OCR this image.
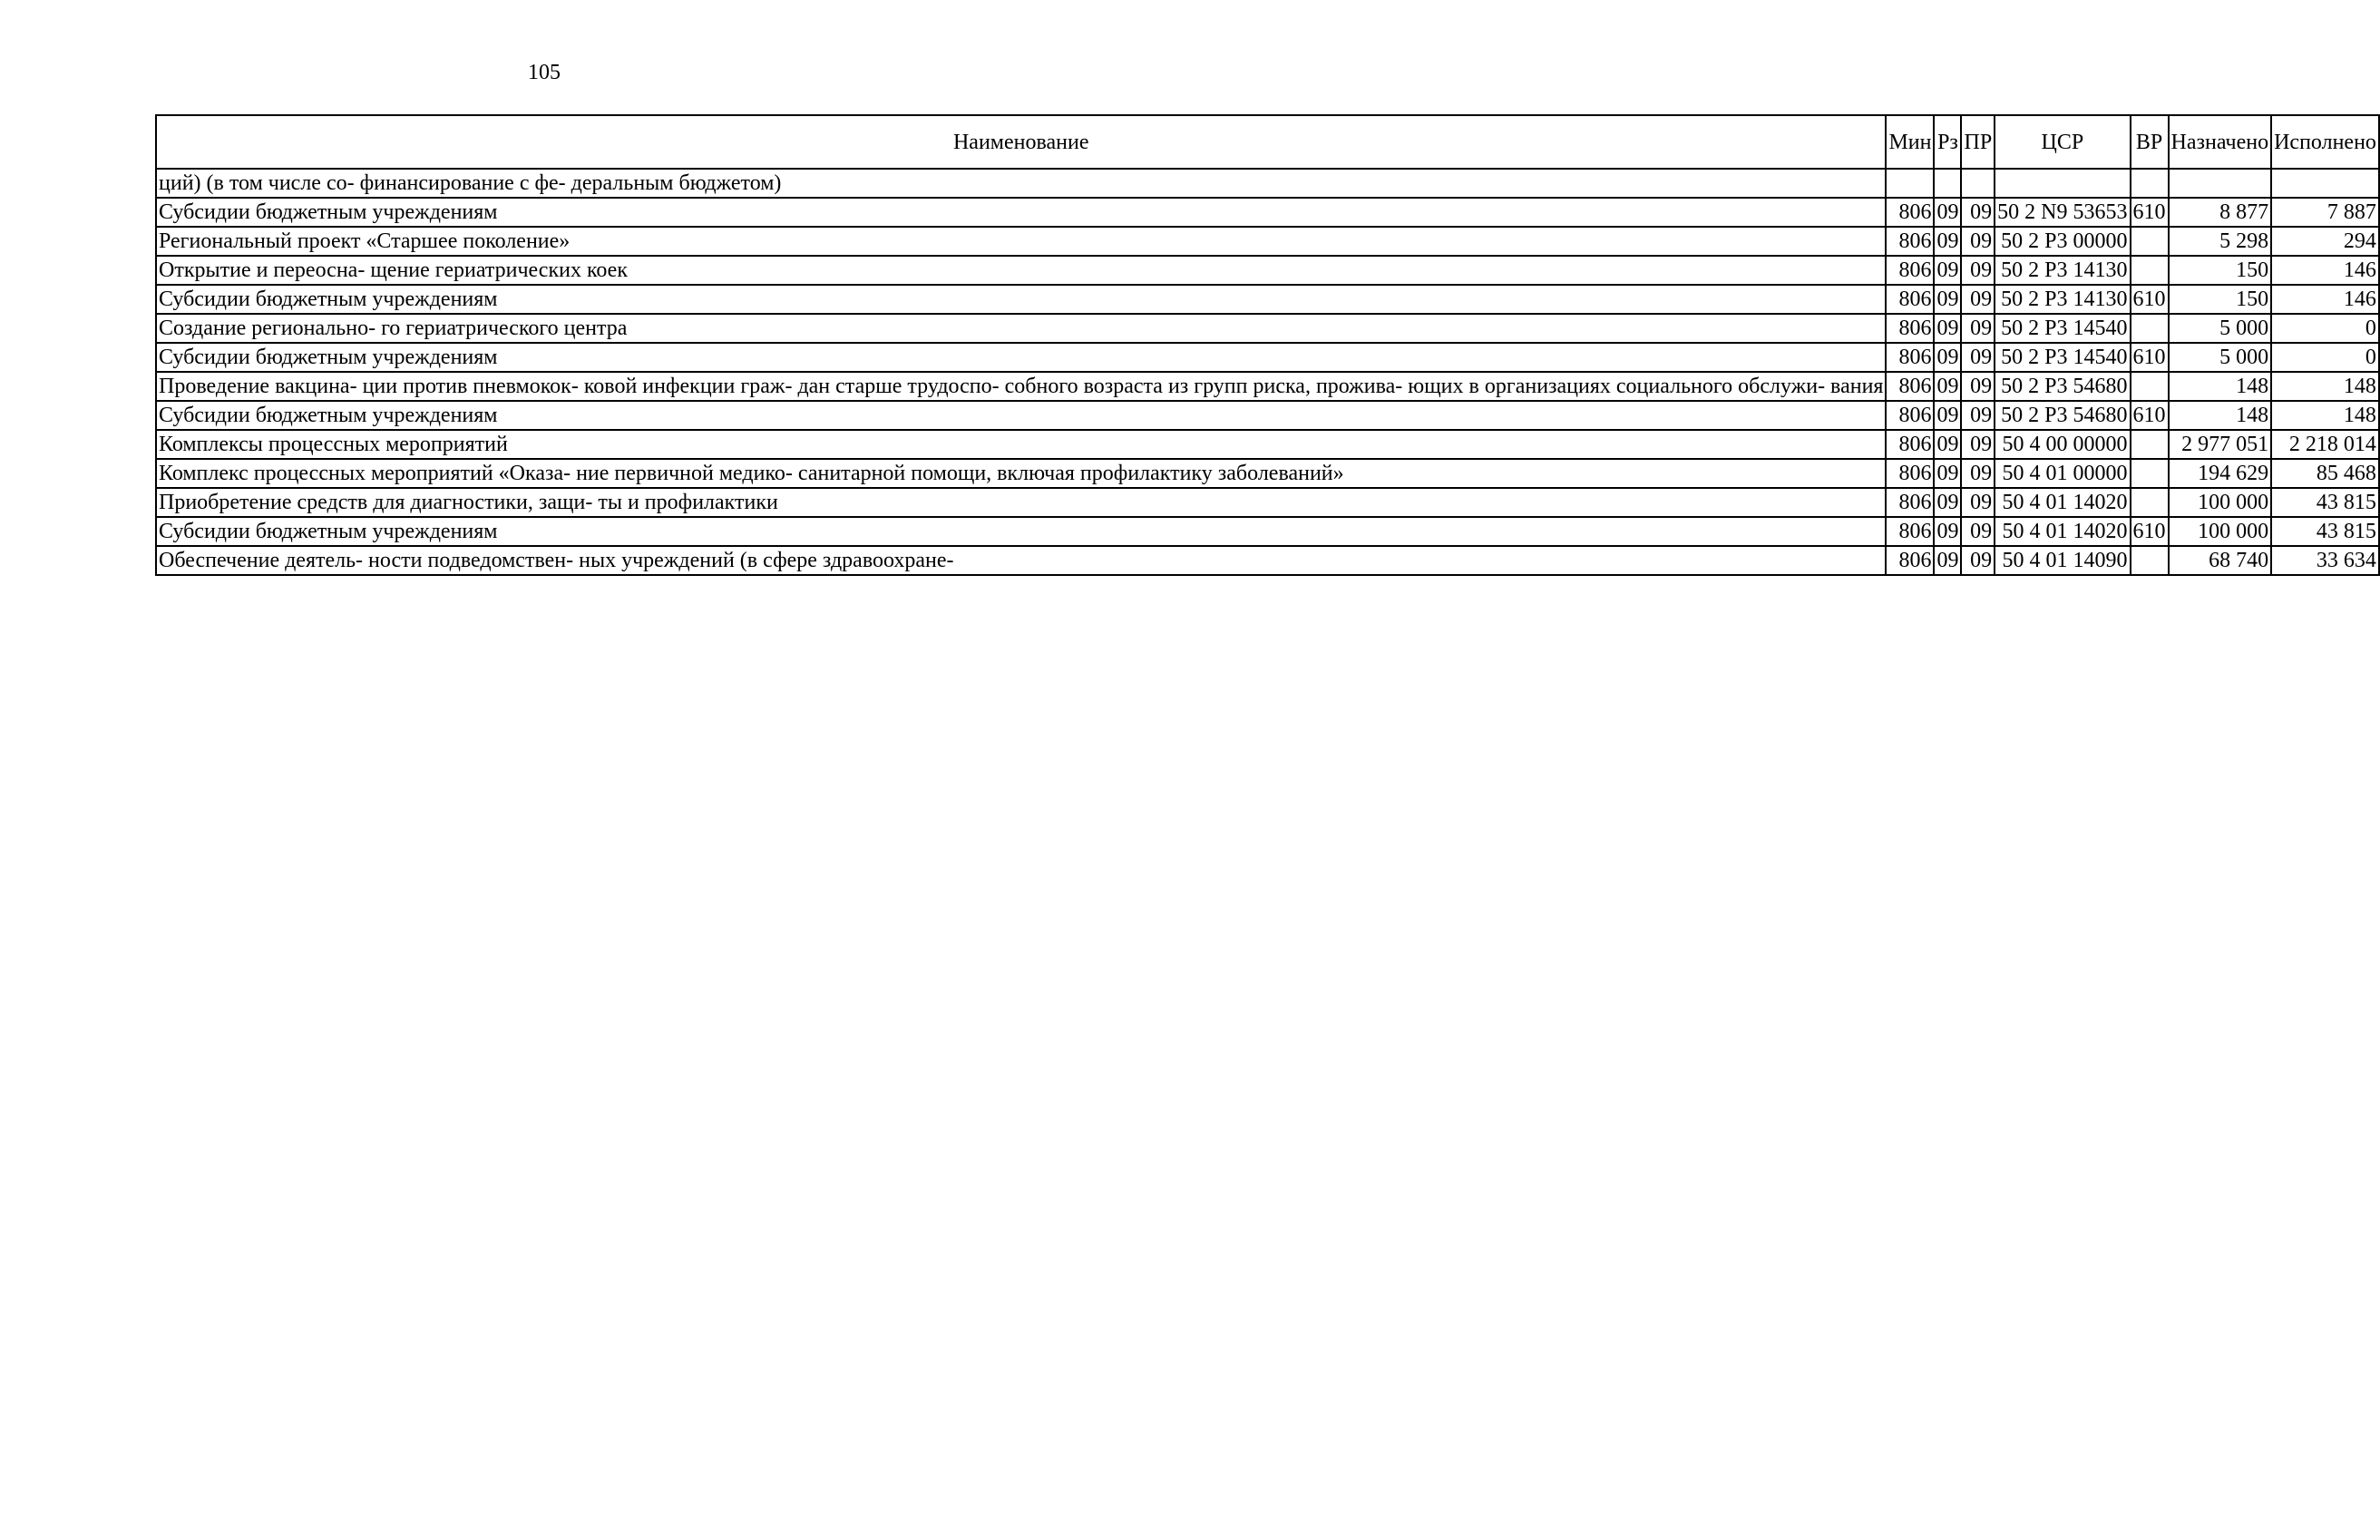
105
Наименование	Мин	Рз	ПР	ЦСР	ВР	Назначено	Исполнено
ций) (в том числе со- финансирование с фе- деральным бюджетом)							
Субсидии бюджетным учреждениям	806	09	09	50 2 N9 53653	610	8 877	7 887
Региональный проект «Старшее поколение»	806	09	09	50 2 P3 00000		5 298	294
Открытие и переосна- щение гериатрических коек	806	09	09	50 2 P3 14130		150	146
Субсидии бюджетным учреждениям	806	09	09	50 2 P3 14130	610	150	146
Создание регионально- го гериатрического центра	806	09	09	50 2 P3 14540		5 000	0
Субсидии бюджетным учреждениям	806	09	09	50 2 P3 14540	610	5 000	0
Проведение вакцина- ции против пневмокок- ковой инфекции граж- дан старше трудоспо- собного возраста из групп риска, прожива- ющих в организациях социального обслужи- вания	806	09	09	50 2 P3 54680		148	148
Субсидии бюджетным учреждениям	806	09	09	50 2 P3 54680	610	148	148
Комплексы процессных мероприятий	806	09	09	50 4 00 00000		2 977 051	2 218 014
Комплекс процессных мероприятий «Оказа- ние первичной медико- санитарной помощи, включая профилактику заболеваний»	806	09	09	50 4 01 00000		194 629	85 468
Приобретение средств для диагностики, защи- ты и профилактики	806	09	09	50 4 01 14020		100 000	43 815
Субсидии бюджетным учреждениям	806	09	09	50 4 01 14020	610	100 000	43 815
Обеспечение деятель- ности подведомствен- ных учреждений (в сфере здравоохране-	806	09	09	50 4 01 14090		68 740	33 634
